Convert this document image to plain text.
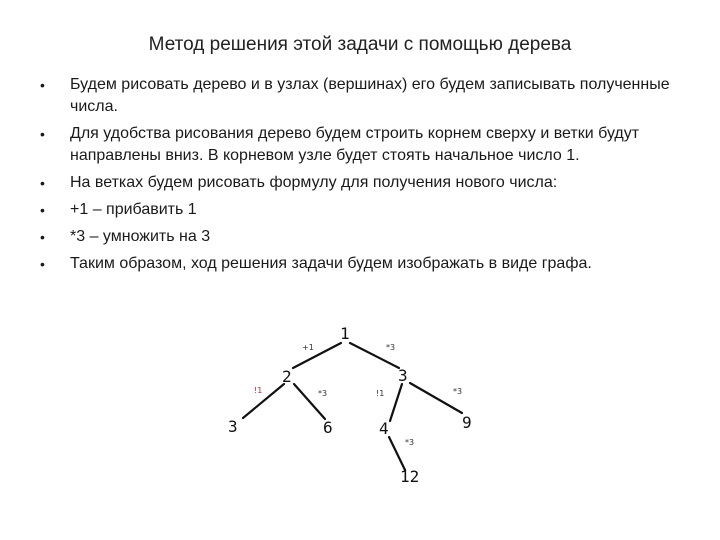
Метод решения этой задачи с помощью дерева
• Будем рисовать дерево и в узлах (вершинах) его будем записывать полученные числа.
• Для удобства рисования дерево будем строить корнем сверху и ветки будут направлены вниз. В корневом узле будет стоять начальное число 1.
• На ветках будем рисовать формулу для получения нового числа:
• +1 – прибавить 1
• *3 – умножить на 3
• Таким образом, ход решения задачи будем изображать в виде графа.
+1	*3
!1	*3	!1	*3
*3
1
2	3
3	6	4	9
12
